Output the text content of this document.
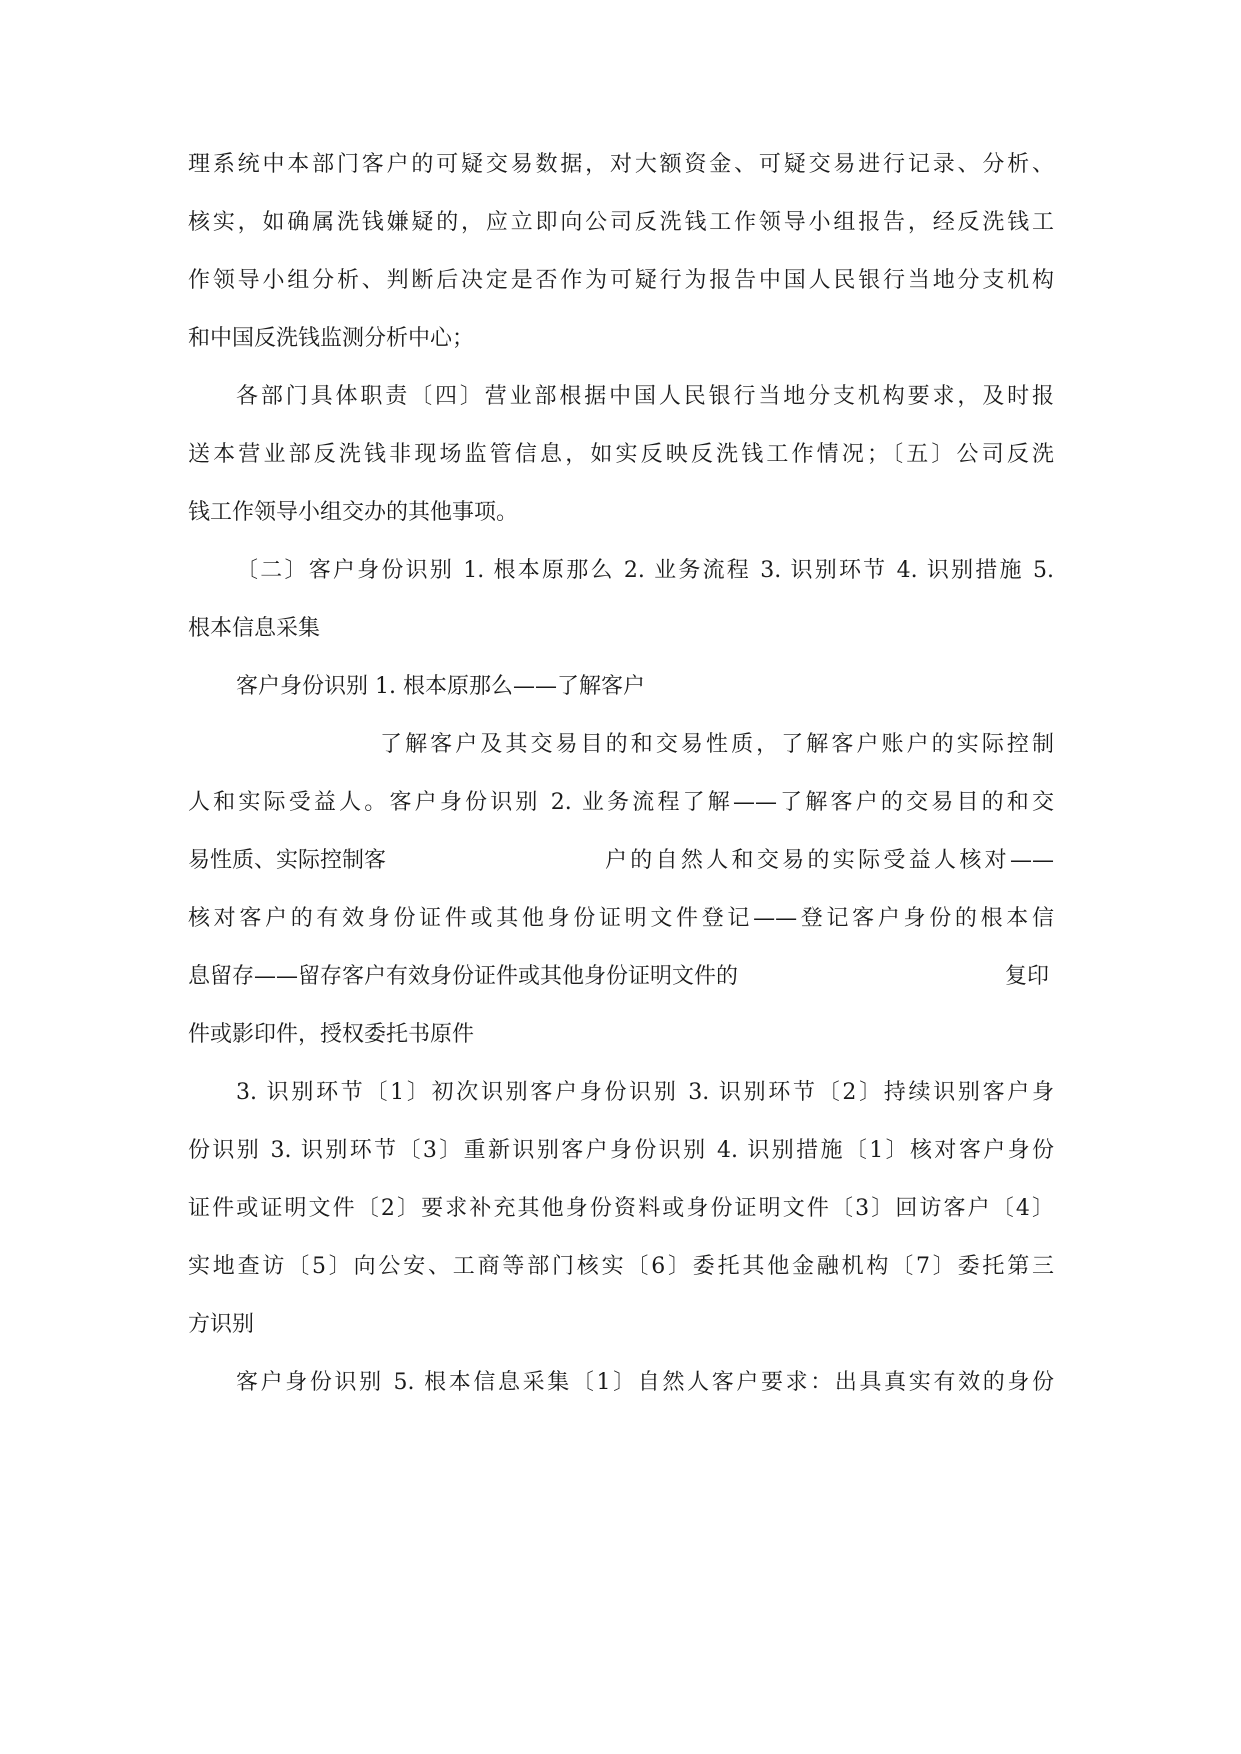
理系统中本部门客户的可疑交易数据，对大额资金、可疑交易进行记录、分析、
核实，如确属洗钱嫌疑的，应立即向公司反洗钱工作领导小组报告，经反洗钱工
作领导小组分析、判断后决定是否作为可疑行为报告中国人民银行当地分支机构
和中国反洗钱监测分析中心；
各部门具体职责〔四〕营业部根据中国人民银行当地分支机构要求，及时报
送本营业部反洗钱非现场监管信息，如实反映反洗钱工作情况；〔五〕公司反洗
钱工作领导小组交办的其他事项。
〔二〕客户身份识别 1. 根本原那么 2. 业务流程 3. 识别环节 4. 识别措施 5.
根本信息采集
客户身份识别 1. 根本原那么——了解客户
了解客户及其交易目的和交易性质，了解客户账户的实际控制
人和实际受益人。客户身份识别 2. 业务流程了解——了解客户的交易目的和交
易性质、实际控制客	户的自然人和交易的实际受益人核对——
核对客户的有效身份证件或其他身份证明文件登记——登记客户身份的根本信
息留存——留存客户有效身份证件或其他身份证明文件的	复印
件或影印件，授权委托书原件
3. 识别环节〔1〕初次识别客户身份识别 3. 识别环节〔2〕持续识别客户身
份识别 3. 识别环节〔3〕重新识别客户身份识别 4. 识别措施〔1〕核对客户身份
证件或证明文件〔2〕要求补充其他身份资料或身份证明文件〔3〕回访客户〔4〕
实地查访〔5〕向公安、工商等部门核实〔6〕委托其他金融机构〔7〕委托第三
方识别
客户身份识别 5. 根本信息采集〔1〕自然人客户要求：出具真实有效的身份
